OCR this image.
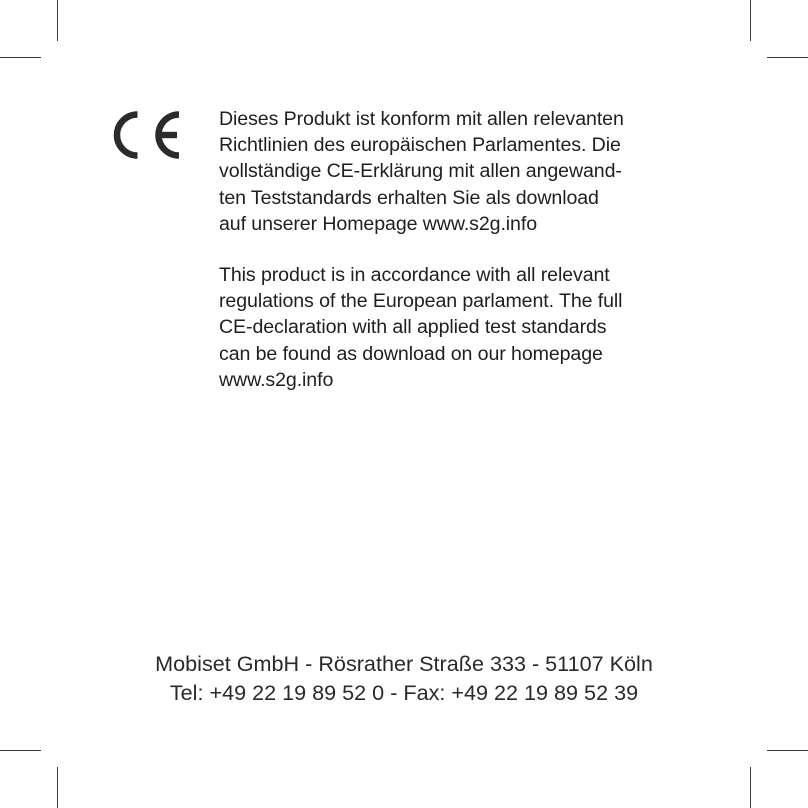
Dieses Produkt ist konform mit allen relevanten
Richtlinien des europäischen Parlamentes. Die
vollständige CE-Erklärung mit allen angewand-
ten Teststandards erhalten Sie als download
auf unserer Homepage www.s2g.info

This product is in accordance with all relevant
regulations of the European parlament. The full
CE-declaration with all applied test standards
can be found as download on our homepage
www.s2g.info

Mobiset GmbH - Rösrather Straße 333 - 51107 Köln
Tel: +49 22 19 89 52 0 - Fax: +49 22 19 89 52 39
